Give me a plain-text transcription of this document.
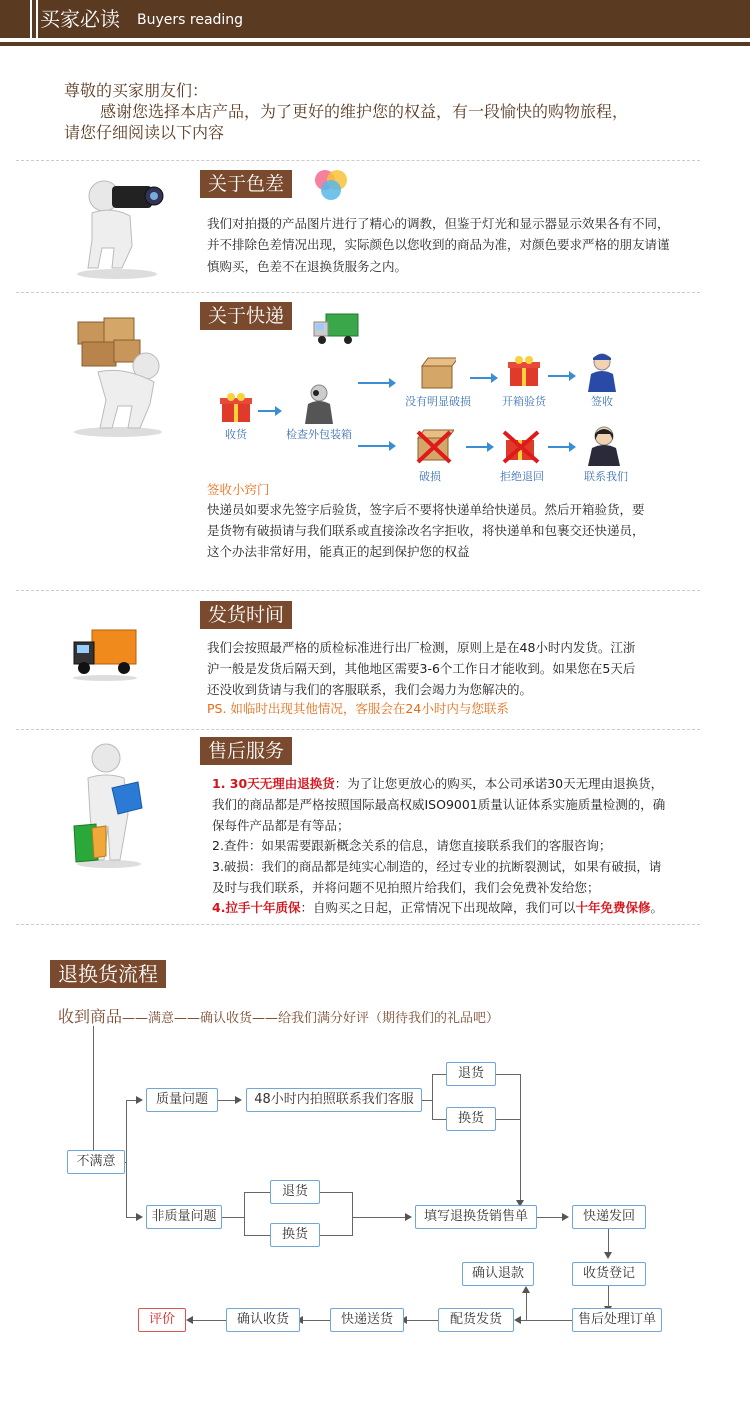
买家必读 Buyers reading
尊敬的买家朋友们：
感谢您选择本店产品，为了更好的维护您的权益，有一段愉快的购物旅程，
请您仔细阅读以下内容
关于色差
我们对拍摄的产品图片进行了精心的调教，但鉴于灯光和显示器显示效果各有不同，
并不排除色差情况出现，实际颜色以您收到的商品为准，对颜色要求严格的朋友请谨
慎购买，色差不在退换货服务之内。
关于快递
收货	检查外包装箱
没有明显破损	开箱验货	签收
破损	拒绝退回	联系我们
签收小窍门
快递员如要求先签字后验货，签字后不要将快递单给快递员。然后开箱验货，要
是货物有破损请与我们联系或直接涂改名字拒收，将快递单和包裹交还快递员，
这个办法非常好用，能真正的起到保护您的权益
发货时间
我们会按照最严格的质检标准进行出厂检测，原则上是在48小时内发货。江浙
沪一般是发货后隔天到，其他地区需要3-6个工作日才能收到。如果您在5天后
还没收到货请与我们的客服联系，我们会竭力为您解决的。
PS. 如临时出现其他情况，客服会在24小时内与您联系
售后服务
1. 30天无理由退换货：为了让您更放心的购买，本公司承诺30天无理由退换货，
我们的商品都是严格按照国际最高权威ISO9001质量认证体系实施质量检测的，确
保每件产品都是有等品；
2.查件：如果需要跟新概念关系的信息，请您直接联系我们的客服咨询；
3.破损：我们的商品都是纯实心制造的，经过专业的抗断裂测试，如果有破损，请
及时与我们联系，并将问题不见拍照片给我们，我们会免费补发给您；
4.拉手十年质保：自购买之日起，正常情况下出现故障，我们可以十年免费保修。
退换货流程
收到商品——满意——确认收货——给我们满分好评（期待我们的礼品吧）
不满意
质量问题	48小时内拍照联系我们客服
退货
换货
非质量问题
退货
换货
填写退换货销售单	快递发回
确认退款	收货登记
售后处理订单
配货发货
快递送货
确认收货
评价
